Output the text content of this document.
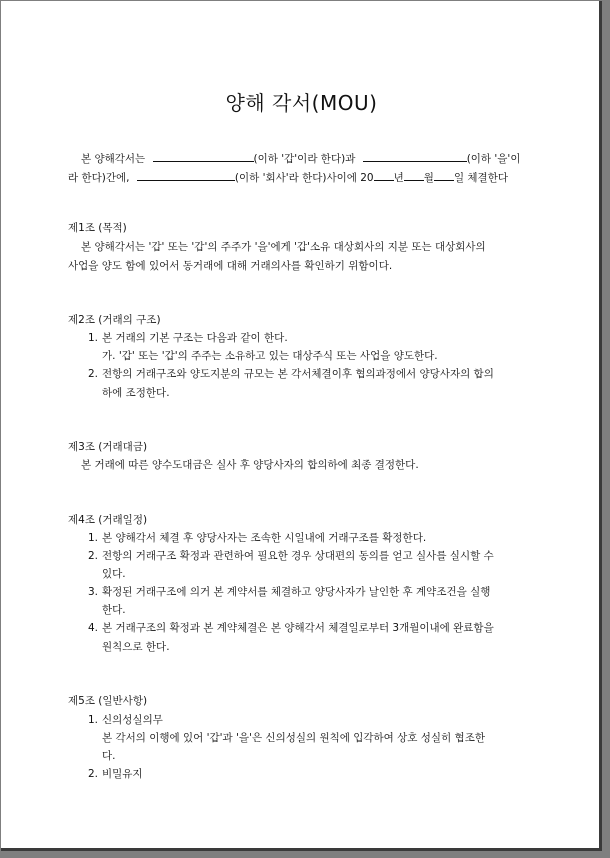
양해 각서(MOU)
본 양해각서는	(이하 '갑'이라 한다)과	(이하 '을'이
라 한다)간에,	(이하 '회사'라 한다)사이에 20 년 월 일 체결한다
제1조 (목적)
본 양해각서는 '갑' 또는 '갑'의 주주가 '을'에게 '갑'소유 대상회사의 지분 또는 대상회사의
사업을 양도 함에 있어서 동거래에 대해 거래의사를 확인하기 위함이다.
제2조 (거래의 구조)
1. 본 거래의 기본 구조는 다음과 같이 한다.
가. '갑' 또는 '갑'의 주주는 소유하고 있는 대상주식 또는 사업을 양도한다.
2. 전항의 거래구조와 양도지분의 규모는 본 각서체결이후 협의과정에서 양당사자의 합의
하에 조정한다.
제3조 (거래대금)
본 거래에 따른 양수도대금은 실사 후 양당사자의 합의하에 최종 결정한다.
제4조 (거래일정)
1. 본 양해각서 체결 후 양당사자는 조속한 시일내에 거래구조를 확정한다.
2. 전항의 거래구조 확정과 관련하여 필요한 경우 상대편의 동의를 얻고 실사를 실시할 수
있다.
3. 확정된 거래구조에 의거 본 계약서를 체결하고 양당사자가 날인한 후 계약조건을 실행
한다.
4. 본 거래구조의 확정과 본 계약체결은 본 양해각서 체결일로부터 3개월이내에 완료함을
원칙으로 한다.
제5조 (일반사항)
1. 신의성실의무
본 각서의 이행에 있어 '갑'과 '을'은 신의성실의 원칙에 입각하여 상호 성실히 협조한
다.
2. 비밀유지
